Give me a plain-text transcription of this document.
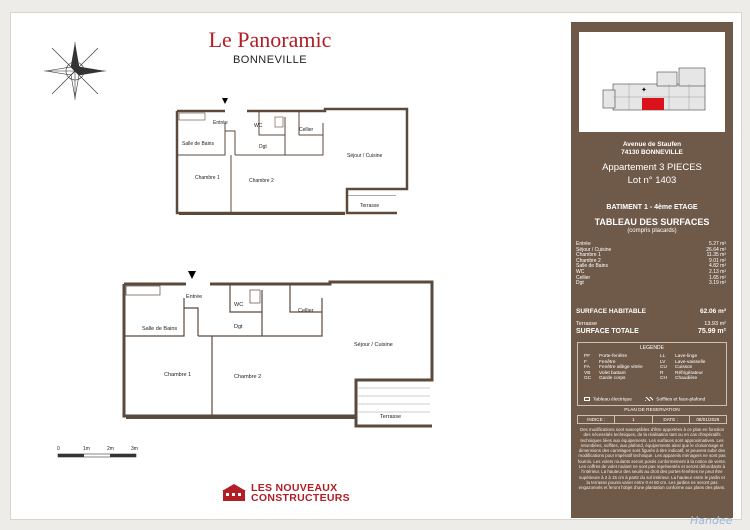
Le Panoramic
BONNEVILLE
Entrée	WC
Salle de Bains	Dgt
Cellier
Séjour / Cuisine
Chambre 1	Chambre 2
Terrasse
Entrée
WC
Salle de Bains	Dgt
Cellier
Séjour / Cuisine
Chambre 1	Chambre 2
Terrasse
0	1m	2m	3m
LES NOUVEAUX
CONSTRUCTEURS
✦
Avenue de Staufen
74130 BONNEVILLE
Appartement 3 PIECES
Lot n° 1403
BATIMENT 1 - 4ème ETAGE
TABLEAU DES SURFACES
(compris placards)
Entrée	5.27 m²
Séjour / Cuisine	26.64 m²
Chambre 1	11.35 m²
Chambre 2	9.01 m²
Salle de Bains	4.82 m²
WC	2.13 m²
Cellier	1.65 m²
Dgt	3.19 m²
SURFACE HABITABLE	62.06 m²
Terrasse	13.93 m²
SURFACE TOTALE	75.99 m²
LEGENDE
PF	Porte-fenêtre	LL	Lave-linge
F	Fenêtre	LV	Lave-vaisselle
FA	Fenêtre allège vitrée	CU	Cuisson
VB	Volet battant	R	Réfrigérateur
GC	Garde corps	CH	Chaudière
Tableau électrique	Soffites et faux-plafond
PLAN DE RESERVATION
INDICE :	1	DATE :	08/01/2026
Des modifications sont susceptibles d'être apportées à ce plan en fonction des nécessités techniques, de la réalisation tant ou en cas d'impératifs techniques liées aux équipements. Les surfaces sont approximatives. Les retombées, soffites, aux plafond, équipements ainsi que le cloisonnage et dimensions des carrelages sont figurés à titre indicatif, et peuvent subir des modifications pour impératif technique. Les appareils ménagers ne sont pas fournis. Les volets roulants seront posés conformément à la notice de vente. Les coffres de volet roulant ne sont pas représentés et seront débordants à l'intérieur. La hauteur des seuils au droit des portes-fenêtres ne peut être supérieure à 2 à 15 cm à partir du sol intérieur. La hauteur entre le jardin et la terrasse pourra varier entre 0 et 60 cm. Les jardins ne seront pas engazonnés et feront l'objet d'une plantation conforme aux plans des plans.
Handee
